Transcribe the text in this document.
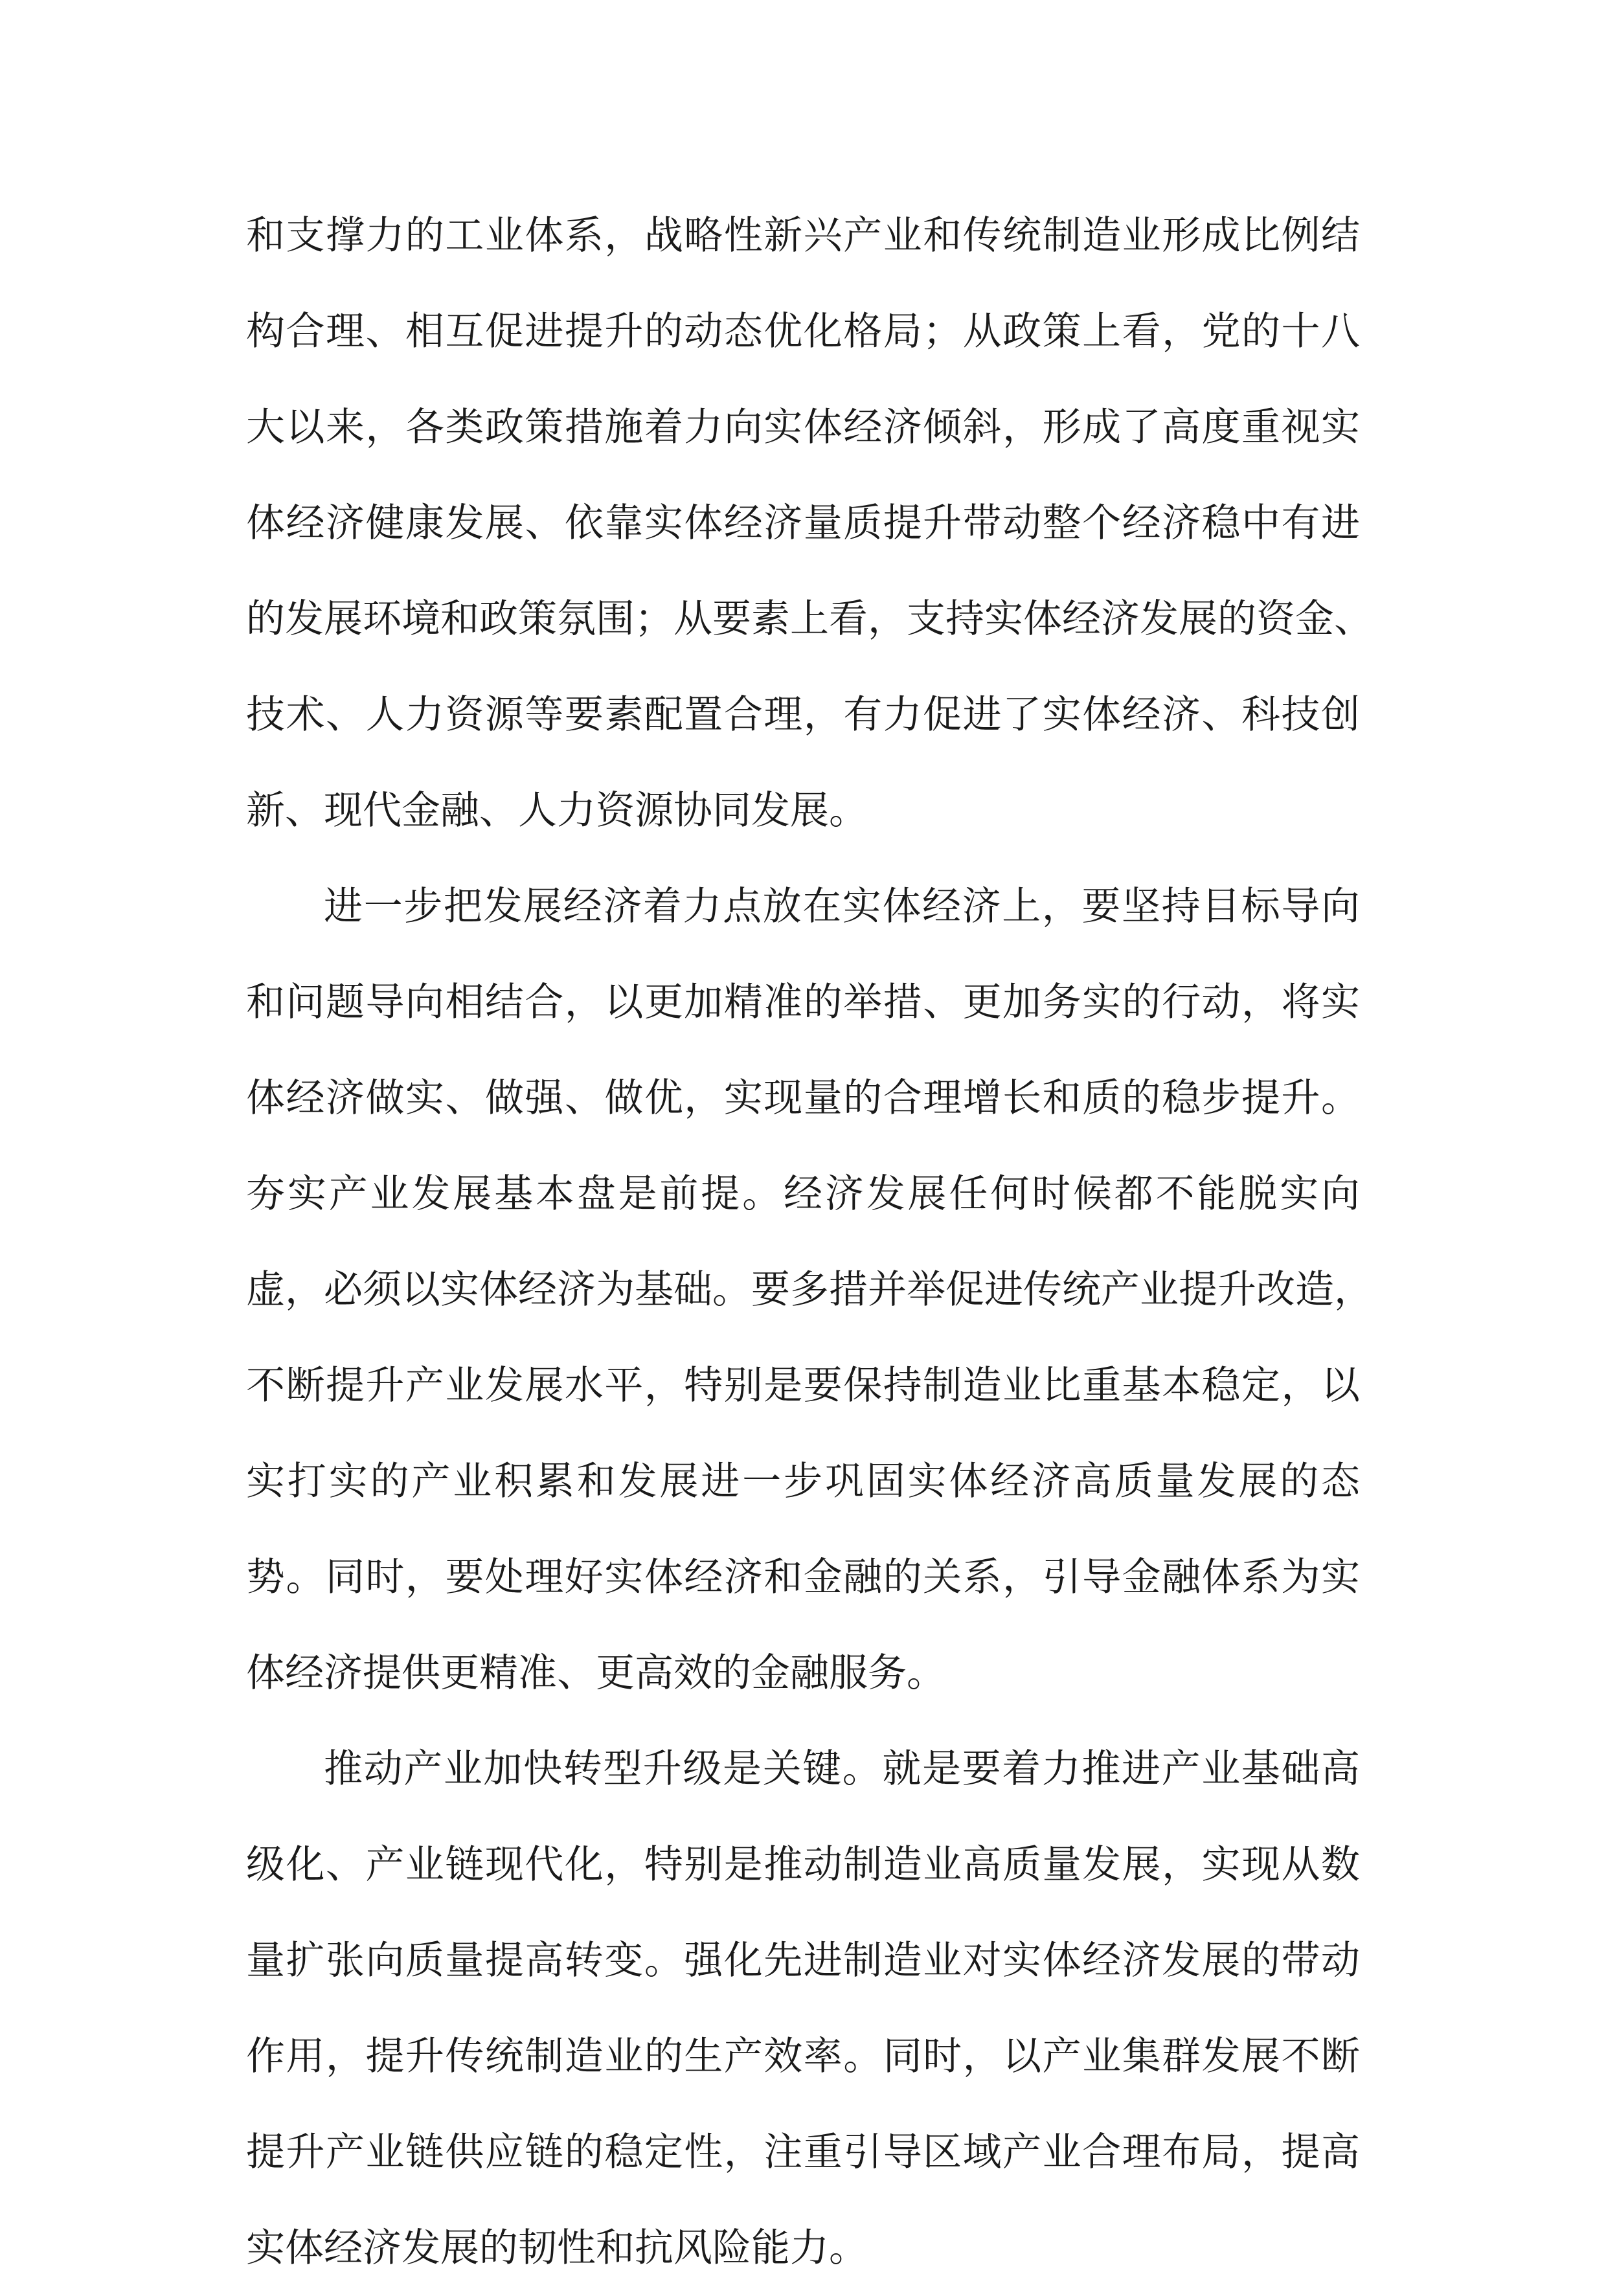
和支撑力的工业体系，战略性新兴产业和传统制造业形成比例结
构合理、相互促进提升的动态优化格局；从政策上看，党的十八
大以来，各类政策措施着力向实体经济倾斜，形成了高度重视实
体经济健康发展、依靠实体经济量质提升带动整个经济稳中有进
的发展环境和政策氛围；从要素上看，支持实体经济发展的资金、
技术、人力资源等要素配置合理，有力促进了实体经济、科技创
新、现代金融、人力资源协同发展。
进一步把发展经济着力点放在实体经济上，要坚持目标导向
和问题导向相结合，以更加精准的举措、更加务实的行动，将实
体经济做实、做强、做优，实现量的合理增长和质的稳步提升。
夯实产业发展基本盘是前提。经济发展任何时候都不能脱实向
虚，必须以实体经济为基础。要多措并举促进传统产业提升改造，
不断提升产业发展水平，特别是要保持制造业比重基本稳定，以
实打实的产业积累和发展进一步巩固实体经济高质量发展的态
势。同时，要处理好实体经济和金融的关系，引导金融体系为实
体经济提供更精准、更高效的金融服务。
推动产业加快转型升级是关键。就是要着力推进产业基础高
级化、产业链现代化，特别是推动制造业高质量发展，实现从数
量扩张向质量提高转变。强化先进制造业对实体经济发展的带动
作用，提升传统制造业的生产效率。同时，以产业集群发展不断
提升产业链供应链的稳定性，注重引导区域产业合理布局，提高
实体经济发展的韧性和抗风险能力。
